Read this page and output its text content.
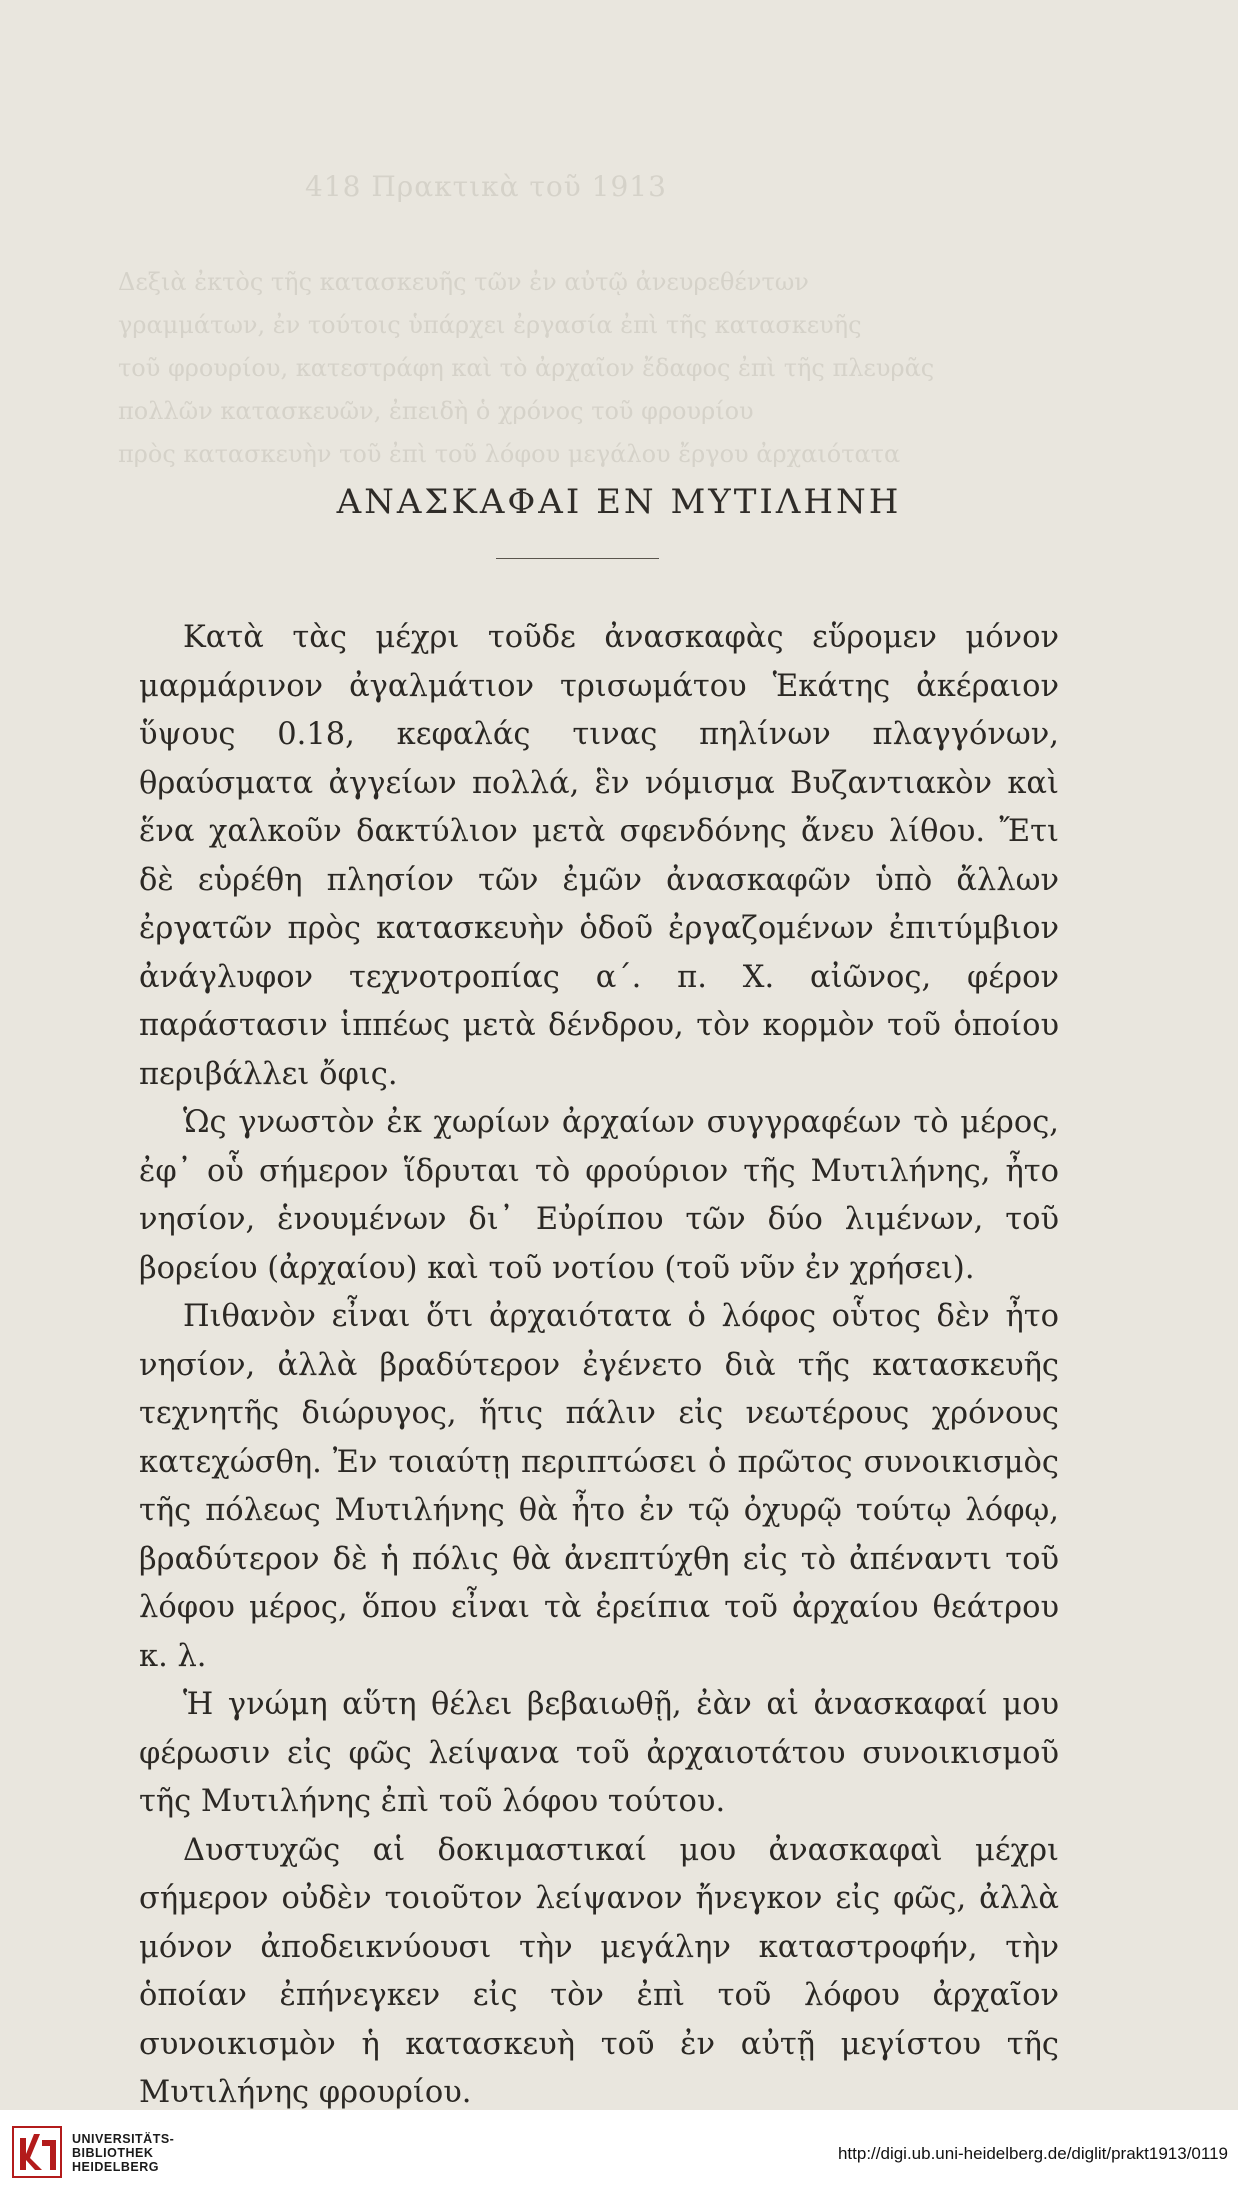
418 Πρακτικὰ τοῦ 1913
Δεξιὰ ἐκτὸς τῆς κατασκευῆς τῶν ἐν αὐτῷ ἀνευρεθέντων
γραμμάτων, ἐν τούτοις ὑπάρχει ἐργασία ἐπὶ τῆς κατασκευῆς
τοῦ φρουρίου, κατεστράφη καὶ τὸ ἀρχαῖον ἔδαφος ἐπὶ τῆς πλευρᾶς
πολλῶν κατασκευῶν, ἐπειδὴ ὁ χρόνος τοῦ φρουρίου
πρὸς κατασκευὴν τοῦ ἐπὶ τοῦ λόφου μεγάλου ἔργου ἀρχαιότατα
ΑΝΑΣΚΑΦΑΙ ΕΝ ΜΥΤΙΛΗΝΗ

Κατὰ τὰς μέχρι τοῦδε ἀνασκαφὰς εὕρομεν μόνον μαρμάρινον ἀγαλμάτιον τρισωμάτου Ἑκάτης ἀκέραιον ὕψους 0.18, κεφαλάς τινας πηλίνων πλαγγόνων, θραύσματα ἀγγείων πολλά, ἓν νόμισμα Βυζαντιακὸν καὶ ἕνα χαλκοῦν δακτύλιον μετὰ σφενδόνης ἄνευ λίθου. Ἔτι δὲ εὑρέθη πλησίον τῶν ἐμῶν ἀνασκαφῶν ὑπὸ ἄλλων ἐργατῶν πρὸς κατασκευὴν ὁδοῦ ἐργαζομένων ἐπιτύμβιον ἀνάγλυφον τεχνοτροπίας α΄. π. Χ. αἰῶνος, φέρον παράστασιν ἱππέως μετὰ δένδρου, τὸν κορμὸν τοῦ ὁποίου περιβάλλει ὄφις.

Ὡς γνωστὸν ἐκ χωρίων ἀρχαίων συγγραφέων τὸ μέρος, ἐφ᾽ οὗ σήμερον ἵδρυται τὸ φρούριον τῆς Μυτιλήνης, ἦτο νησίον, ἑνουμένων δι᾽ Εὐρίπου τῶν δύο λιμένων, τοῦ βορείου (ἀρχαίου) καὶ τοῦ νοτίου (τοῦ νῦν ἐν χρήσει).

Πιθανὸν εἶναι ὅτι ἀρχαιότατα ὁ λόφος οὗτος δὲν ἦτο νησίον, ἀλλὰ βραδύτερον ἐγένετο διὰ τῆς κατασκευῆς τεχνητῆς διώρυγος, ἥτις πάλιν εἰς νεωτέρους χρόνους κατεχώσθη. Ἐν τοιαύτῃ περιπτώσει ὁ πρῶτος συνοικισμὸς τῆς πόλεως Μυτιλήνης θὰ ἦτο ἐν τῷ ὀχυρῷ τούτῳ λόφῳ, βραδύτερον δὲ ἡ πόλις θὰ ἀνεπτύχθη εἰς τὸ ἀπέναντι τοῦ λόφου μέρος, ὅπου εἶναι τὰ ἐρείπια τοῦ ἀρχαίου θεάτρου κ. λ.

Ἡ γνώμη αὕτη θέλει βεβαιωθῇ, ἐὰν αἱ ἀνασκαφαί μου φέρωσιν εἰς φῶς λείψανα τοῦ ἀρχαιοτάτου συνοικισμοῦ τῆς Μυτιλήνης ἐπὶ τοῦ λόφου τούτου.

Δυστυχῶς αἱ δοκιμαστικαί μου ἀνασκαφαὶ μέχρι σήμερον οὐδὲν τοιοῦτον λείψανον ἤνεγκον εἰς φῶς, ἀλλὰ μόνον ἀποδεικνύουσι τὴν μεγάλην καταστροφήν, τὴν ὁποίαν ἐπήνεγκεν εἰς τὸν ἐπὶ τοῦ λόφου ἀρχαῖον συνοικισμὸν ἡ κατασκευὴ τοῦ ἐν αὐτῇ μεγίστου τῆς Μυτιλήνης φρουρίου.

UNIVERSITÄTS-
BIBLIOTHEK
HEIDELBERG
http://digi.ub.uni-heidelberg.de/diglit/prakt1913/0119
